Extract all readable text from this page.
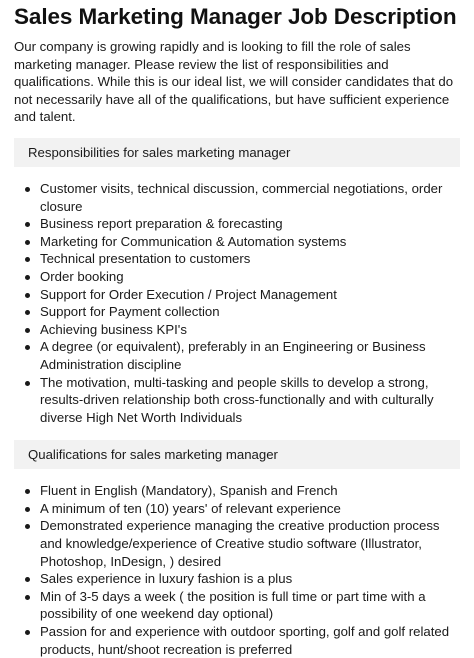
Sales Marketing Manager Job Description

Our company is growing rapidly and is looking to fill the role of sales marketing manager. Please review the list of responsibilities and qualifications. While this is our ideal list, we will consider candidates that do not necessarily have all of the qualifications, but have sufficient experience and talent.

Responsibilities for sales marketing manager
Customer visits, technical discussion, commercial negotiations, order closure
Business report preparation & forecasting
Marketing for Communication & Automation systems
Technical presentation to customers
Order booking
Support for Order Execution / Project Management
Support for Payment collection
Achieving business KPI's
A degree (or equivalent), preferably in an Engineering or Business Administration discipline
The motivation, multi-tasking and people skills to develop a strong, results-driven relationship both cross-functionally and with culturally diverse High Net Worth Individuals
Qualifications for sales marketing manager
Fluent in English (Mandatory), Spanish and French
A minimum of ten (10) years' of relevant experience
Demonstrated experience managing the creative production process and knowledge/experience of Creative studio software (Illustrator, Photoshop, InDesign, ) desired
Sales experience in luxury fashion is a plus
Min of 3-5 days a week ( the position is full time or part time with a possibility of one weekend day optional)
Passion for and experience with outdoor sporting, golf and golf related products, hunt/shoot recreation is preferred
